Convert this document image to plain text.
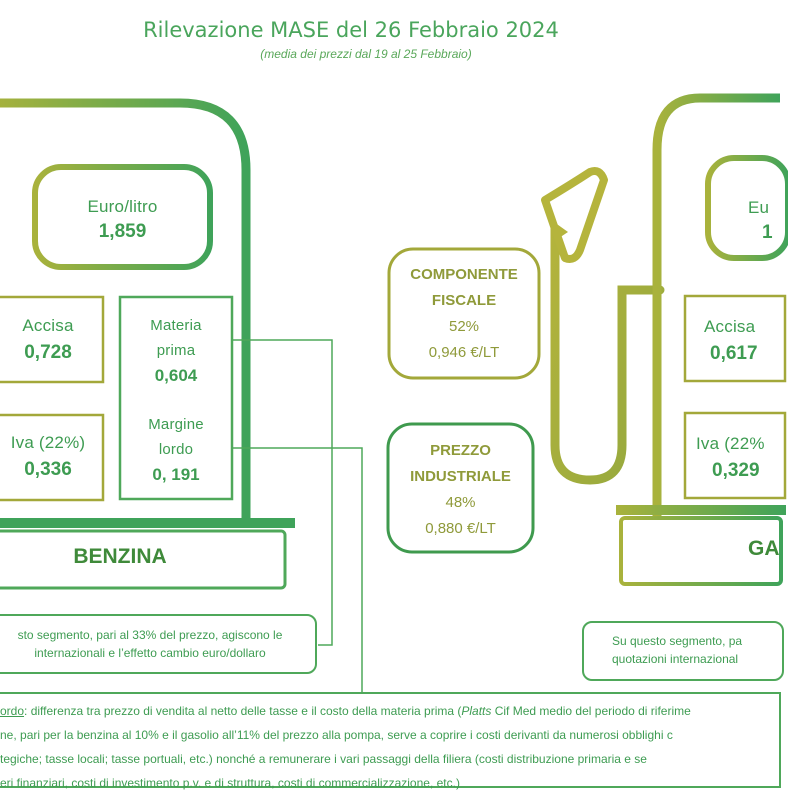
Rilevazione MASE del 26 Febbraio 2024
(media dei prezzi dal 19 al 25 Febbraio)
Euro/litro
1,859
Accisa
0,728
Iva (22%)
0,336
Materia
prima
0,604
Margine
lordo
0, 191
BENZINA
sto segmento, pari al 33% del prezzo, agiscono le
internazionali e l’effetto cambio euro/dollaro
COMPONENTE
FISCALE
52%
0,946 €/LT
PREZZO
INDUSTRIALE
48%
0,880 €/LT
Eu
1
Accisa
0,617
Iva (22%
0,329
GA
Su questo segmento, pa
quotazioni internazional
ordo: differenza tra prezzo di vendita al netto delle tasse e il costo della materia prima (Platts Cif Med medio del periodo di riferime
ne, pari per la benzina al 10% e il gasolio all’11% del prezzo alla pompa, serve a coprire i costi derivanti da numerosi obblighi c
tegiche; tasse locali; tasse portuali, etc.) nonché a remunerare i vari passaggi della filiera (costi distribuzione primaria e se
eri finanziari, costi di investimento p.v. e di struttura, costi di commercializzazione, etc.)
